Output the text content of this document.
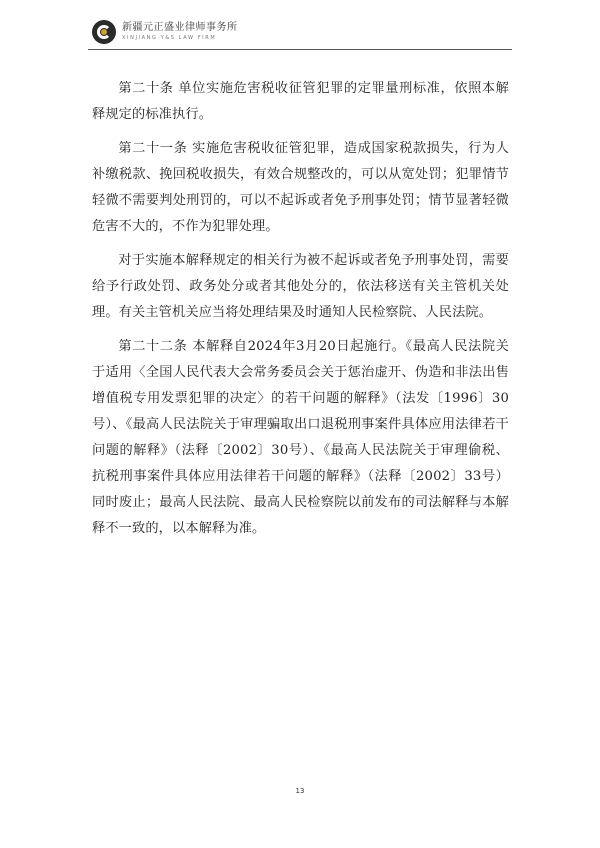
新疆元正盛业律师事务所
XINJIANG Y&S LAW FIRM

第二十条 单位实施危害税收征管犯罪的定罪量刑标准，依照本解释规定的标准执行。

第二十一条 实施危害税收征管犯罪，造成国家税款损失，行为人补缴税款、挽回税收损失，有效合规整改的，可以从宽处罚；犯罪情节轻微不需要判处刑罚的，可以不起诉或者免予刑事处罚；情节显著轻微危害不大的，不作为犯罪处理。

对于实施本解释规定的相关行为被不起诉或者免予刑事处罚，需要给予行政处罚、政务处分或者其他处分的，依法移送有关主管机关处理。有关主管机关应当将处理结果及时通知人民检察院、人民法院。

第二十二条 本解释自2024年3月20日起施行。《最高人民法院关于适用〈全国人民代表大会常务委员会关于惩治虚开、伪造和非法出售增值税专用发票犯罪的决定〉的若干问题的解释》（法发〔1996〕30号）、《最高人民法院关于审理骗取出口退税刑事案件具体应用法律若干问题的解释》（法释〔2002〕30号）、《最高人民法院关于审理偷税、抗税刑事案件具体应用法律若干问题的解释》（法释〔2002〕33号）同时废止；最高人民法院、最高人民检察院以前发布的司法解释与本解释不一致的，以本解释为准。

13
